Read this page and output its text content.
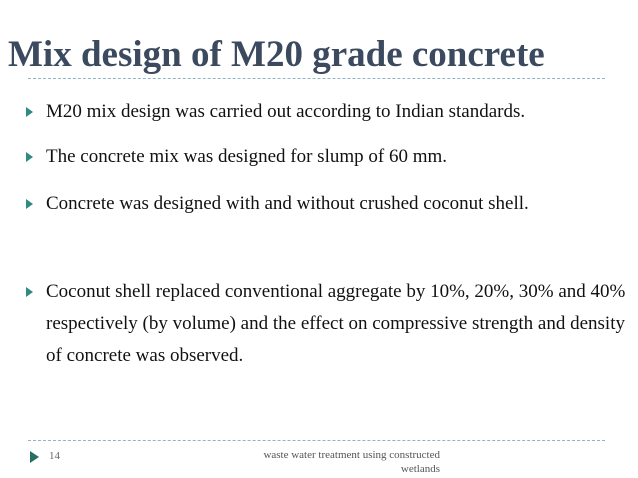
Mix design of M20 grade concrete
M20 mix design was carried out according to Indian standards.
The concrete mix was designed for slump of 60 mm.
Concrete was designed with and without crushed coconut shell.
Coconut shell replaced conventional aggregate by 10%, 20%, 30% and 40% respectively (by volume) and the effect on compressive strength and density of concrete was observed.
14	waste water treatment using constructed wetlands
